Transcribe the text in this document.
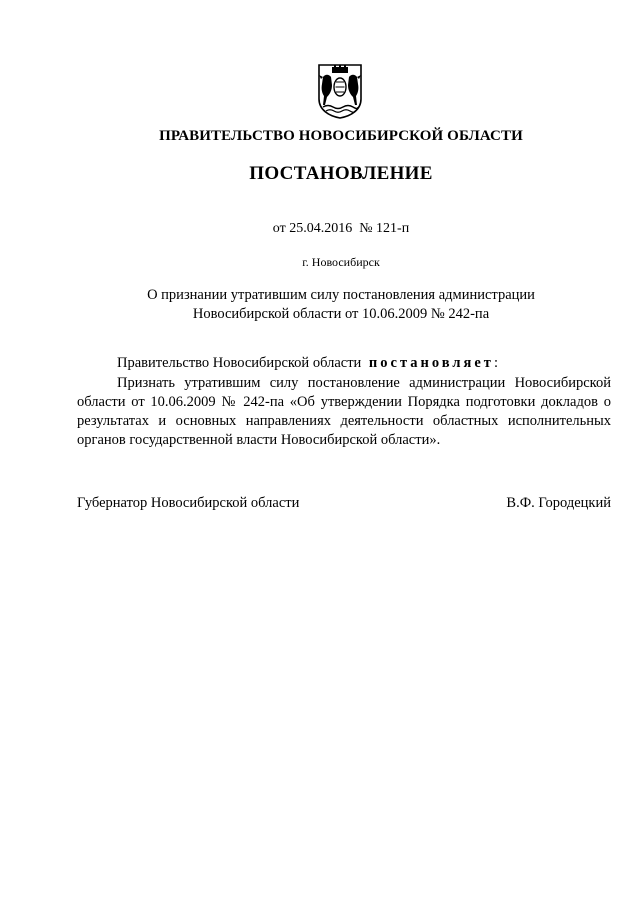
ПРАВИТЕЛЬСТВО НОВОСИБИРСКОЙ ОБЛАСТИ
ПОСТАНОВЛЕНИЕ
от 25.04.2016  № 121-п
г. Новосибирск
О признании утратившим силу постановления администрации
Новосибирской области от 10.06.2009 № 242-па
Правительство Новосибирской области постановляет:
Признать утратившим силу постановление администрации Новосибирской области от 10.06.2009 № 242-па «Об утверждении Порядка подготовки докладов о результатах и основных направлениях деятельности областных исполнительных органов государственной власти Новосибирской области».
Губернатор Новосибирской области	В.Ф. Городецкий
